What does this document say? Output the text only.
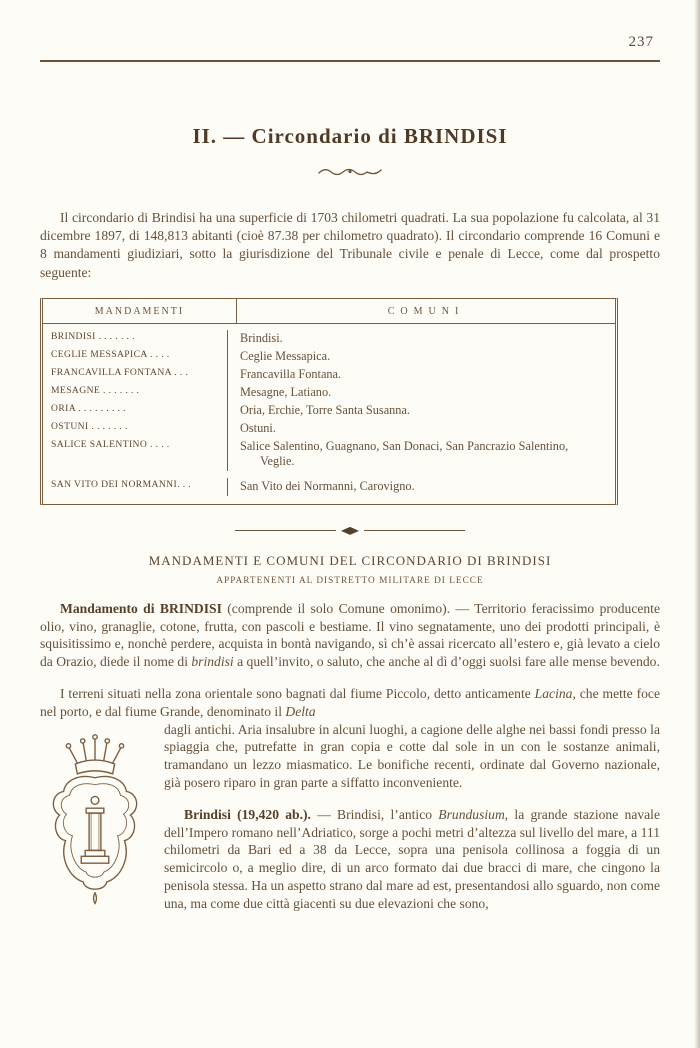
237
II. — Circondario di BRINDISI

Il circondario di Brindisi ha una superficie di 1703 chilometri quadrati. La sua popolazione fu calcolata, al 31 dicembre 1897, di 148,813 abitanti (cioè 87.38 per chilometro quadrato). Il circondario comprende 16 Comuni e 8 mandamenti giudiziari, sotto la giurisdizione del Tribunale civile e penale di Lecce, come dal prospetto seguente:

MANDAMENTI	COMUNI
BRINDISI . . . . . . .	Brindisi.
CEGLIE MESSAPICA . . . .	Ceglie Messapica.
FRANCAVILLA FONTANA . . .	Francavilla Fontana.
MESAGNE . . . . . . .	Mesagne, Latiano.
ORIA . . . . . . . . .	Oria, Erchie, Torre Santa Susanna.
OSTUNI . . . . . . .	Ostuni.
SALICE SALENTINO . . . .	Salice Salentino, Guagnano, San Donaci, San Pancrazio Salentino, Veglie.
SAN VITO DEI NORMANNI. . .	San Vito dei Normanni, Carovigno.
MANDAMENTI E COMUNI DEL CIRCONDARIO DI BRINDISI
APPARTENENTI AL DISTRETTO MILITARE DI LECCE

Mandamento di BRINDISI (comprende il solo Comune omonimo). — Territorio feracissimo producente olio, vino, granaglie, cotone, frutta, con pascoli e bestiame. Il vino segnatamente, uno dei prodotti principali, è squisitissimo e, nonchè perdere, acquista in bontà navigando, sì ch’è assai ricercato all’estero e, già levato a cielo da Orazio, diede il nome di brindisi a quell’invito, o saluto, che anche al dì d’oggi suolsi fare alle mense bevendo.

I terreni situati nella zona orientale sono bagnati dal fiume Piccolo, detto anticamente Lacina, che mette foce nel porto, e dal fiume Grande, denominato il Delta

dagli antichi. Aria insalubre in alcuni luoghi, a cagione delle alghe nei bassi fondi presso la spiaggia che, putrefatte in gran copia e cotte dal sole in un con le sostanze animali, tramandano un lezzo miasmatico. Le bonifiche recenti, ordinate dal Governo nazionale, già posero riparo in gran parte a siffatto inconveniente.

Brindisi (19,420 ab.). — Brindisi, l’antico Brundusium, la grande stazione navale dell’Impero romano nell’Adriatico, sorge a pochi metri d’altezza sul livello del mare, a 111 chilometri da Bari ed a 38 da Lecce, sopra una penisola collinosa a foggia di un semicircolo o, a meglio dire, di un arco formato dai due bracci di mare, che cingono la penisola stessa. Ha un aspetto strano dal mare ad est, presentandosi allo sguardo, non come una, ma come due città giacenti su due elevazioni che sono,
